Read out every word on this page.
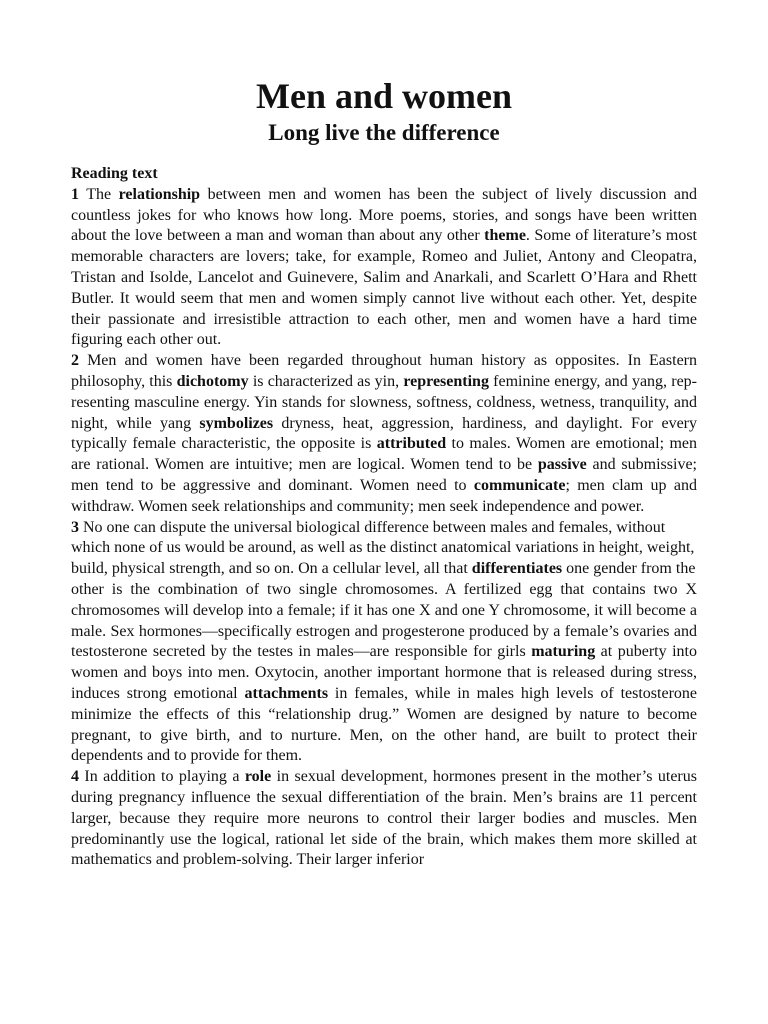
Men and women
Long live the difference

Reading text

1 The relationship between men and women has been the subject of lively discussion and countless jokes for who knows how long. More poems, stories, and songs have been written about the love between a man and woman than about any other theme. Some of literature’s most memorable characters are lovers; take, for example, Romeo and Juliet, Antony and Cleopatra, Tristan and Isolde, Lancelot and Guinevere, Salim and Anarkali, and Scarlett O’Hara and Rhett Butler. It would seem that men and women simply cannot live without each other. Yet, despite their passionate and irresistible attraction to each other, men and women have a hard time figuring each other out.

2 Men and women have been regarded throughout human history as opposites. In Eastern philosophy, this dichotomy is characterized as yin, representing feminine energy, and yang, rep-resenting masculine energy. Yin stands for slowness, softness, coldness, wetness, tranquility, and night, while yang symbolizes dryness, heat, aggression, hardiness, and daylight. For every typically female characteristic, the opposite is attributed to males. Women are emotional; men are rational. Women are intuitive; men are logical. Women tend to be passive and submissive; men tend to be aggressive and dominant. Women need to communicate; men clam up and withdraw. Women seek relationships and community; men seek independence and power.

3 No one can dispute the universal biological difference between males and females, without which none of us would be around, as well as the distinct anatomical variations in height, weight, build, physical strength, and so on. On a cellular level, all that differentiates one gender from the

other is the combination of two single chromosomes. A fertilized egg that contains two X chromosomes will develop into a female; if it has one X and one Y chromosome, it will become a male. Sex hormones—specifically estrogen and progesterone produced by a female’s ovaries and testosterone secreted by the testes in males—are responsible for girls maturing at puberty into women and boys into men. Oxytocin, another important hormone that is released during stress, induces strong emotional attachments in females, while in males high levels of testosterone minimize the effects of this “relationship drug.” Women are designed by nature to become pregnant, to give birth, and to nurture. Men, on the other hand, are built to protect their dependents and to provide for them.

4 In addition to playing a role in sexual development, hormones present in the mother’s uterus during pregnancy influence the sexual differentiation of the brain. Men’s brains are 11 percent larger, because they require more neurons to control their larger bodies and muscles. Men predominantly use the logical, rational let side of the brain, which makes them more skilled at mathematics and problem-solving. Their larger inferior
